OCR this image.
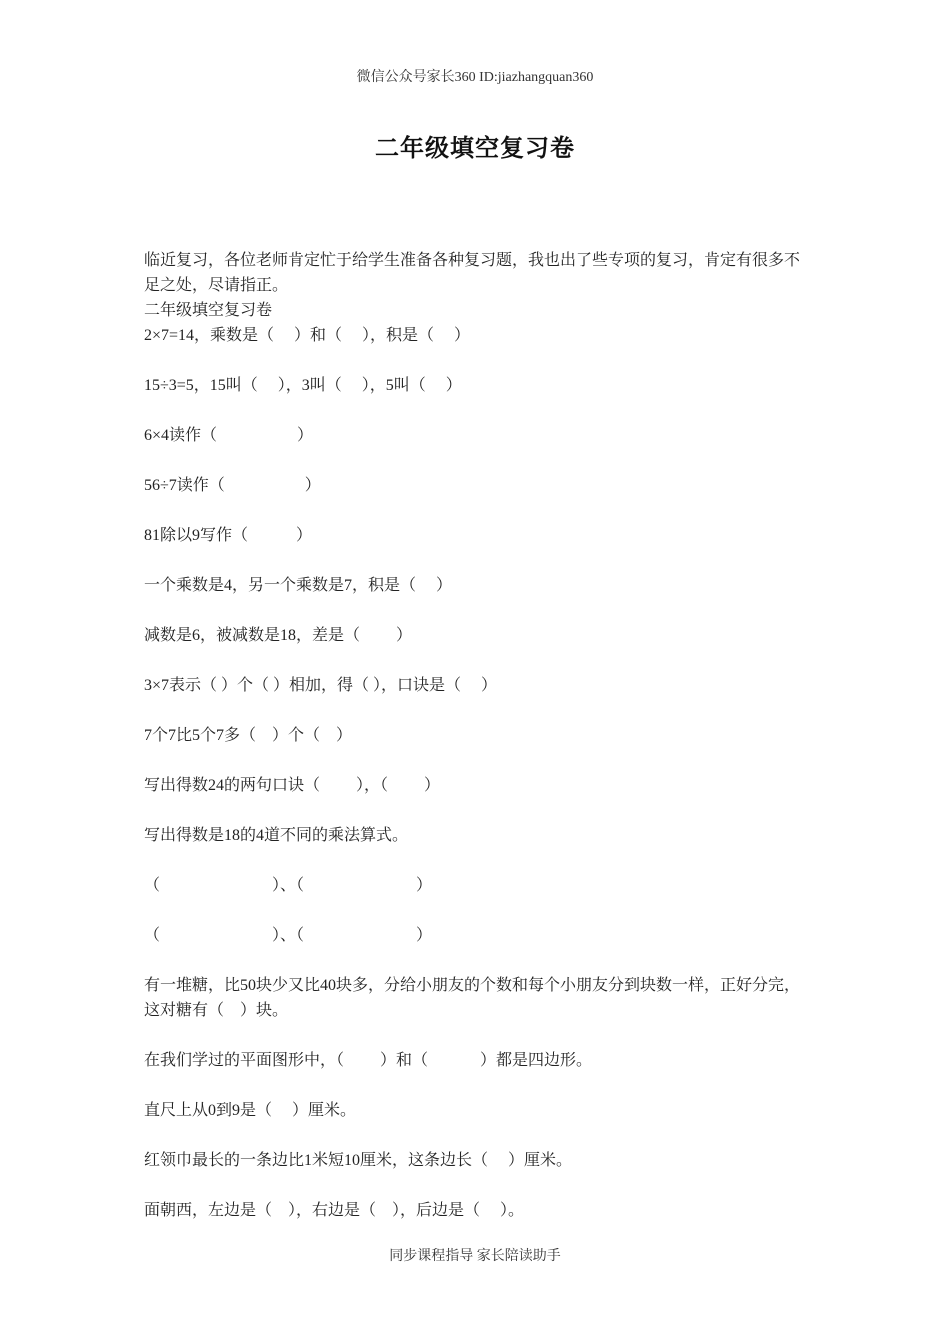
微信公众号家长360 ID:jiazhangquan360
二年级填空复习卷

临近复习，各位老师肯定忙于给学生准备各种复习题，我也出了些专项的复习，肯定有很多不足之处，尽请指正。

二年级填空复习卷

2×7=14，乘数是（　 ）和（　 ），积是（　 ）

15÷3=5，15叫（　 ），3叫（　 ），5叫（　 ）

6×4读作（　　　　　）

56÷7读作（　　　　　）

81除以9写作（　　　）

一个乘数是4，另一个乘数是7，积是（　 ）

减数是6，被减数是18，差是（　　 ）

3×7表示（ ）个（ ）相加，得（ ），口诀是（　 ）

7个7比5个7多（　）个（　）

写出得数24的两句口诀（　　 ），（　　 ）

写出得数是18的4道不同的乘法算式。

（　　　　　　　）、（　　　　　　　）

（　　　　　　　）、（　　　　　　　）

有一堆糖，比50块少又比40块多，分给小朋友的个数和每个小朋友分到块数一样，正好分完，这对糖有（　）块。

在我们学过的平面图形中，（　　 ）和（　　　 ）都是四边形。

直尺上从0到9是（　 ）厘米。

红领巾最长的一条边比1米短10厘米，这条边长（　 ）厘米。

面朝西，左边是（　），右边是（　），后边是（　 ）。

同步课程指导 家长陪读助手
